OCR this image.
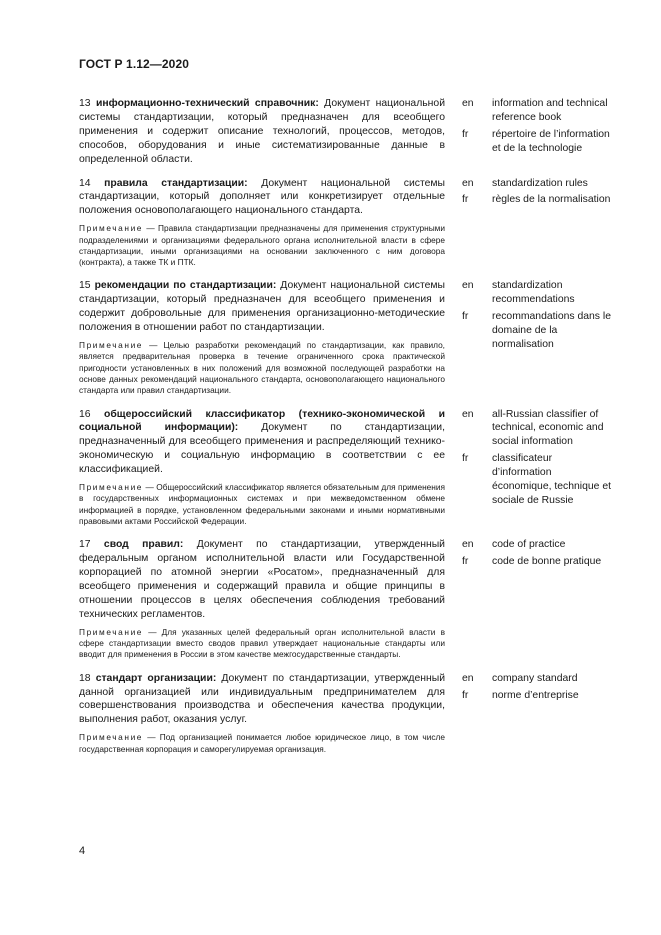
ГОСТ Р 1.12—2020

13 информационно-технический справочник: Документ национальной системы стандартизации, который предназначен для всеобщего применения и содержит описание технологий, процессов, методов, способов, оборудования и иные систематизированные данные в определенной области.

en	information and technical reference book
fr	répertoire de l’information et de la technologie

14 правила стандартизации: Документ национальной системы стандартизации, который дополняет или конкретизирует отдельные положения основополагающего национального стандарта.

Примечание — Правила стандартизации предназначены для применения структурными подразделениями и организациями федерального органа исполнительной власти в сфере стандартизации, иными организациями на основании заключенного с ним договора (контракта), а также ТК и ПТК.

en	standardization rules
fr	règles de la normalisation

15 рекомендации по стандартизации: Документ национальной системы стандартизации, который предназначен для всеобщего применения и содержит добровольные для применения организационно-методические положения в отношении работ по стандартизации.

Примечание — Целью разработки рекомендаций по стандартизации, как правило, является предварительная проверка в течение ограниченного срока практической пригодности установленных в них положений для возможной последующей разработки на основе данных рекомендаций национального стандарта, основополагающего национального стандарта или правил стандартизации.

en	standardization recommendations
fr	recommandations dans le domaine de la normalisation

16 общероссийский классификатор (технико-экономической и социальной информации): Документ по стандартизации, предназначенный для всеобщего применения и распределяющий технико-экономическую и социальную информацию в соответствии с ее классификацией.

Примечание — Общероссийский классификатор является обязательным для применения в государственных информационных системах и при межведомственном обмене информацией в порядке, установленном федеральными законами и иными нормативными правовыми актами Российской Федерации.

en	all-Russian classifier of technical, economic and social information
fr	classificateur d’information économique, technique et sociale de Russie

17 свод правил: Документ по стандартизации, утвержденный федеральным органом исполнительной власти или Государственной корпорацией по атомной энергии «Росатом», предназначенный для всеобщего применения и содержащий правила и общие принципы в отношении процессов в целях обеспечения соблюдения требований технических регламентов.

Примечание — Для указанных целей федеральный орган исполнительной власти в сфере стандартизации вместо сводов правил утверждает национальные стандарты или вводит для применения в России в этом качестве межгосударственные стандарты.

en	code of practice
fr	code de bonne pratique

18 стандарт организации: Документ по стандартизации, утвержденный данной организацией или индивидуальным предпринимателем для совершенствования производства и обеспечения качества продукции, выполнения работ, оказания услуг.

Примечание — Под организацией понимается любое юридическое лицо, в том числе государственная корпорация и саморегулируемая организация.

en	company standard
fr	norme d’entreprise
4
